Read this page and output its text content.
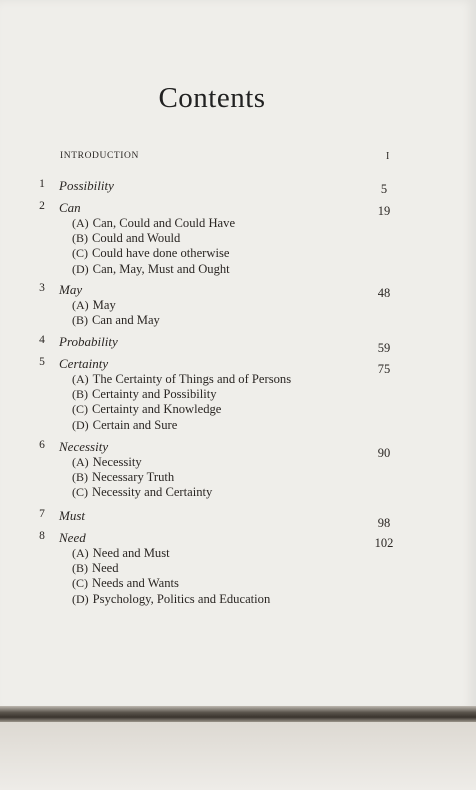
Contents
INTRODUCTION	I
1	Possibility	5
2	Can	19
(A) Can, Could and Could Have
(B) Could and Would
(C) Could have done otherwise
(D) Can, May, Must and Ought
3	May	48
(A) May
(B) Can and May
4	Probability	59
5	Certainty	75
(A) The Certainty of Things and of Persons
(B) Certainty and Possibility
(C) Certainty and Knowledge
(D) Certain and Sure
6	Necessity	90
(A) Necessity
(B) Necessary Truth
(C) Necessity and Certainty
7	Must	98
8	Need	102
(A) Need and Must
(B) Need
(C) Needs and Wants
(D) Psychology, Politics and Education
